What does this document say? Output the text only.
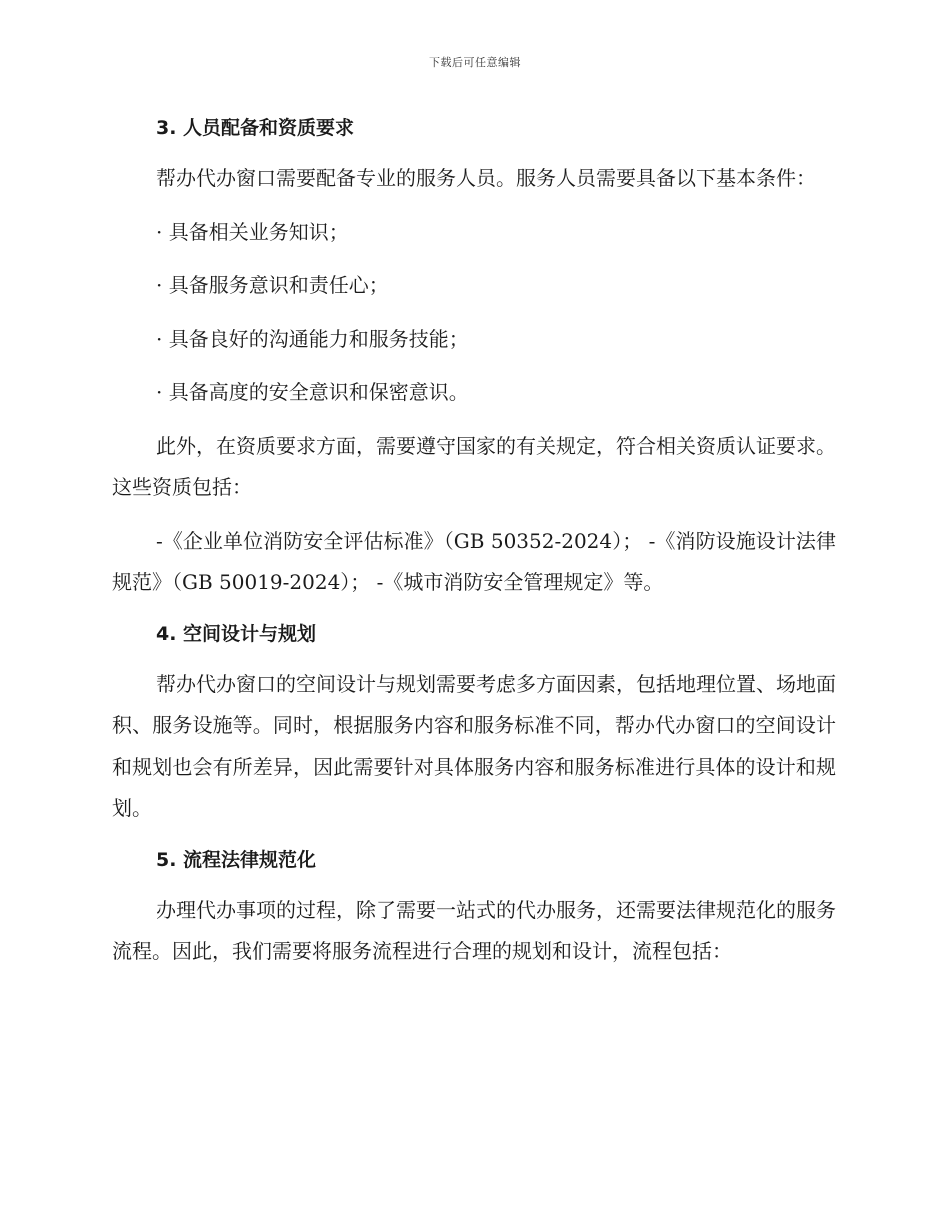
下载后可任意编辑

3. 人员配备和资质要求

帮办代办窗口需要配备专业的服务人员。服务人员需要具备以下基本条件：

· 具备相关业务知识；

· 具备服务意识和责任心；

· 具备良好的沟通能力和服务技能；

· 具备高度的安全意识和保密意识。

此外，在资质要求方面，需要遵守国家的有关规定，符合相关资质认证要求。这些资质包括：

-《企业单位消防安全评估标准》（GB 50352-2024）； -《消防设施设计法律规范》（GB 50019-2024）； -《城市消防安全管理规定》等。

4. 空间设计与规划

帮办代办窗口的空间设计与规划需要考虑多方面因素，包括地理位置、场地面积、服务设施等。同时，根据服务内容和服务标准不同，帮办代办窗口的空间设计和规划也会有所差异，因此需要针对具体服务内容和服务标准进行具体的设计和规划。

5. 流程法律规范化

办理代办事项的过程，除了需要一站式的代办服务，还需要法律规范化的服务流程。因此，我们需要将服务流程进行合理的规划和设计，流程包括：
